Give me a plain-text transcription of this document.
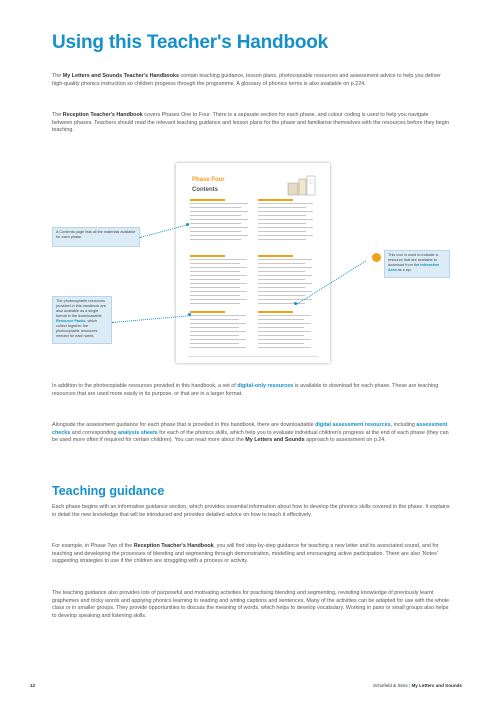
Using this Teacher's Handbook
The My Letters and Sounds Teacher's Handbooks contain teaching guidance, lesson plans, photocopiable resources and assessment advice to help you deliver high-quality phonics instruction so children progress through the programme. A glossary of phonics terms is also available on p.224.
The Reception Teacher's Handbook covers Phases One to Four. There is a separate section for each phase, and colour coding is used to help you navigate between phases. Teachers should read the relevant teaching guidance and lesson plans for the phase and familiarise themselves with the resources before they begin teaching.
Phase Four
Contents
A Contents page lists all the materials available for each phase.
This icon is used to indicate a resource that are available to download from the Interactive Area as a zip.
The photocopiable resources provided in this handbook are also available as a single format in the downloadable Resource Packs, which collect together the photocopiable resources needed for each week.
In addition to the photocopiable resources provided in this handbook, a set of digital-only resources is available to download for each phase. These are teaching resources that are used more easily in its purpose, or that are in a larger format.
Alongside the assessment guidance for each phase that is provided in this handbook, there are downloadable digital assessment resources, including assessment checks and corresponding analysis sheets for each of the phonics skills, which help you to evaluate individual children's progress at the end of each phase (they can be used more often if required for certain children). You can read more about the My Letters and Sounds approach to assessment on p.24.
Teaching guidance
Each phase begins with an informative guidance section, which provides essential information about how to develop the phonics skills covered in the phase. It explains in detail the new knowledge that will be introduced and provides detailed advice on how to teach it effectively.
For example, in Phase Two of the Reception Teacher's Handbook, you will find step-by-step guidance for teaching a new letter and its associated sound, and for teaching and developing the processes of blending and segmenting through demonstration, modelling and encouraging active participation. There are also 'Notes' suggesting strategies to use if the children are struggling with a process or activity.
The teaching guidance also provides lots of purposeful and motivating activities for practising blending and segmenting, revisiting knowledge of previously learnt graphemes and tricky words and applying phonics learning to reading and writing captions and sentences. Many of the activities can be adapted for use with the whole class or in smaller groups. They provide opportunities to discuss the meaning of words, which helps to develop vocabulary. Working in pairs or small groups also helps to develop speaking and listening skills.
12	Schofield & Sims | My Letters and Sounds
